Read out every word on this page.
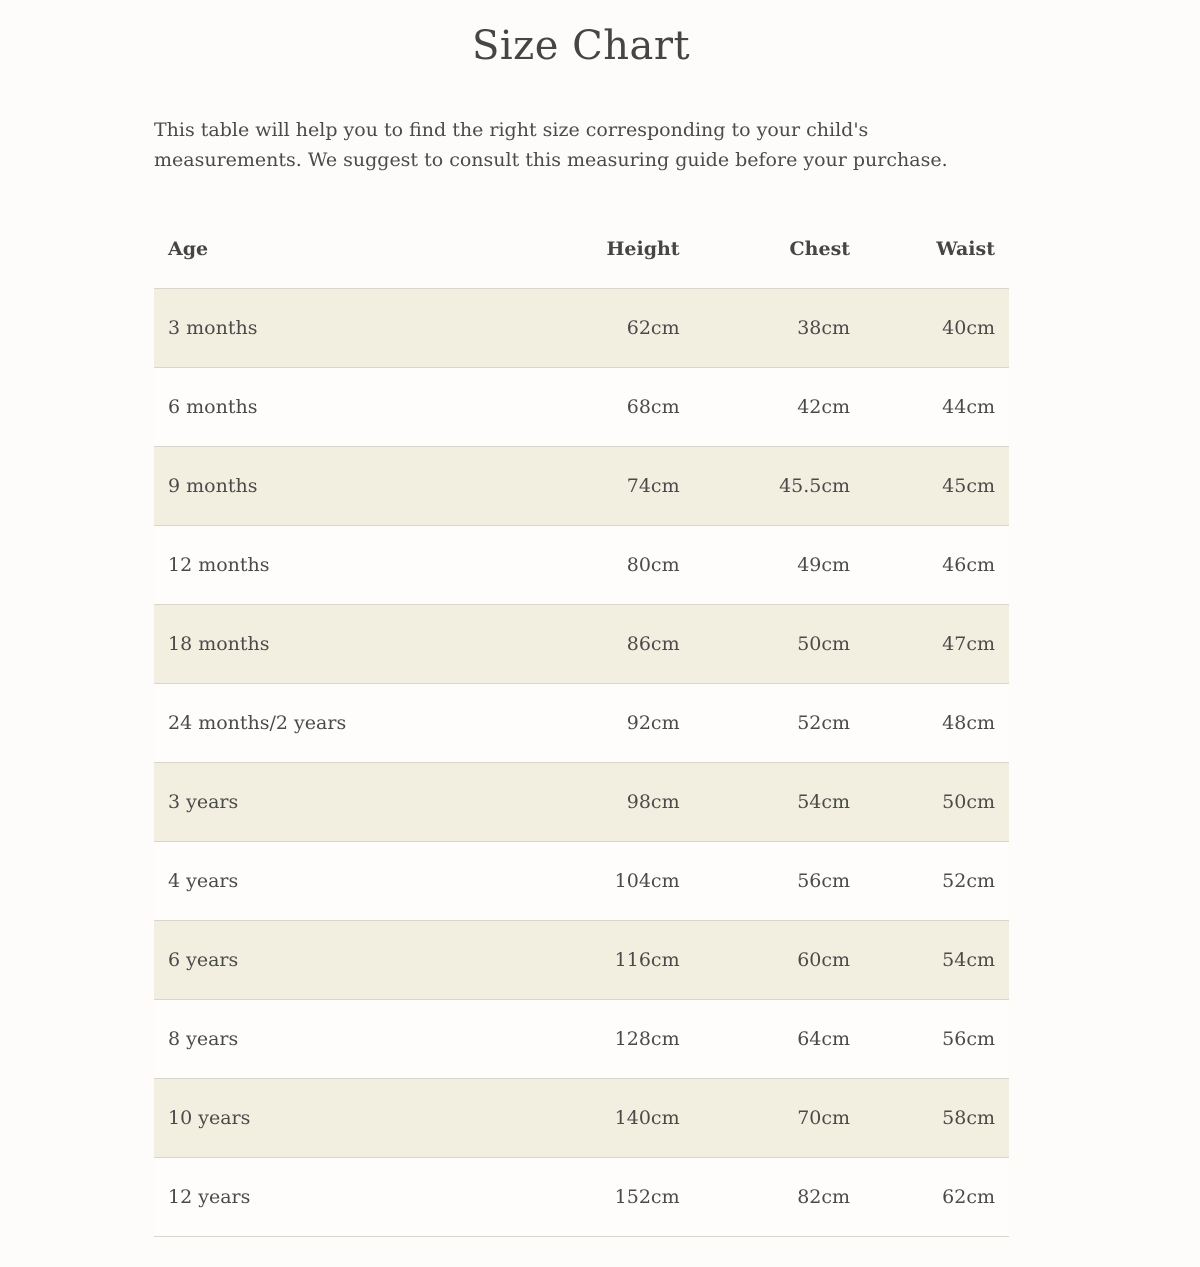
Size Chart

This table will help you to find the right size corresponding to your child's measurements. We suggest to consult this measuring guide before your purchase.

Age	Height	Chest	Waist
3 months	62cm	38cm	40cm
6 months	68cm	42cm	44cm
9 months	74cm	45.5cm	45cm
12 months	80cm	49cm	46cm
18 months	86cm	50cm	47cm
24 months/2 years	92cm	52cm	48cm
3 years	98cm	54cm	50cm
4 years	104cm	56cm	52cm
6 years	116cm	60cm	54cm
8 years	128cm	64cm	56cm
10 years	140cm	70cm	58cm
12 years	152cm	82cm	62cm
